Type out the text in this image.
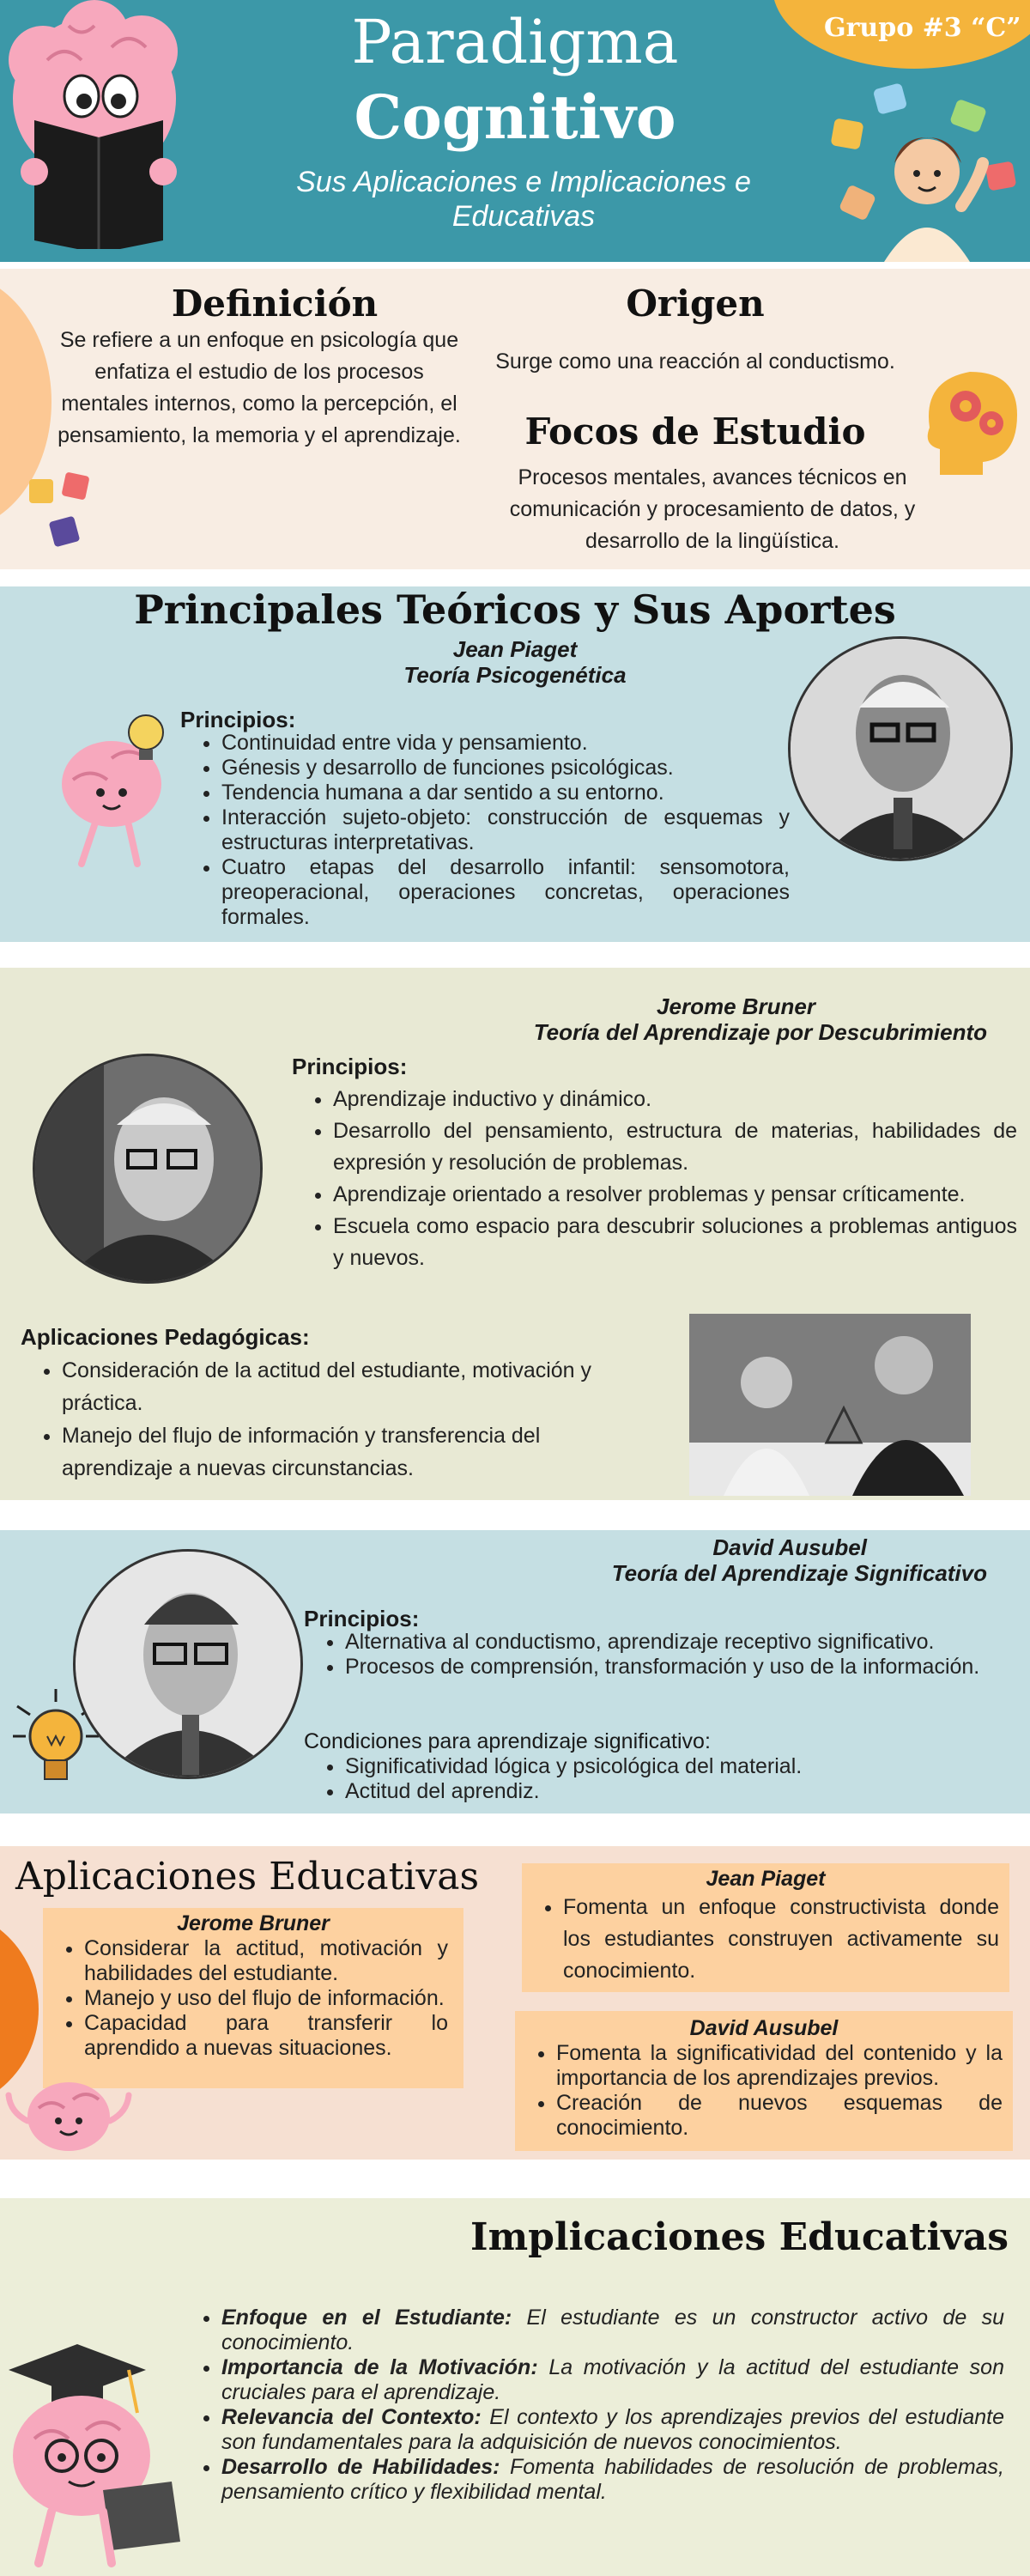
Paradigma
Cognitivo
Sus Aplicaciones e Implicaciones e Educativas
Grupo #3 “C”
Definición
Se refiere a un enfoque en psicología que enfatiza el estudio de los procesos mentales internos, como la percepción, el pensamiento, la memoria y el aprendizaje.
Origen
Surge como una reacción al conductismo.
Focos de Estudio
Procesos mentales, avances técnicos en comunicación y procesamiento de datos, y desarrollo de la lingüística.
Principales Teóricos y Sus Aportes
Jean Piaget
Teoría Psicogenética
Principios:
• Continuidad entre vida y pensamiento.
• Génesis y desarrollo de funciones psicológicas.
• Tendencia humana a dar sentido a su entorno.
• Interacción sujeto-objeto: construcción de esquemas y estructuras interpretativas.
• Cuatro etapas del desarrollo infantil: sensomotora, preoperacional, operaciones concretas, operaciones formales.
Jerome Bruner
Teoría del Aprendizaje por Descubrimiento
Principios:
• Aprendizaje inductivo y dinámico.
• Desarrollo del pensamiento, estructura de materias, habilidades de expresión y resolución de problemas.
• Aprendizaje orientado a resolver problemas y pensar críticamente.
• Escuela como espacio para descubrir soluciones a problemas antiguos y nuevos.
Aplicaciones Pedagógicas:
• Consideración de la actitud del estudiante, motivación y práctica.
• Manejo del flujo de información y transferencia del aprendizaje a nuevas circunstancias.
David Ausubel
Teoría del Aprendizaje Significativo
Principios:
• Alternativa al conductismo, aprendizaje receptivo significativo.
• Procesos de comprensión, transformación y uso de la información.
Condiciones para aprendizaje significativo:
• Significatividad lógica y psicológica del material.
• Actitud del aprendiz.
Aplicaciones Educativas
Jerome Bruner
• Considerar la actitud, motivación y habilidades del estudiante.
• Manejo y uso del flujo de información.
• Capacidad para transferir lo aprendido a nuevas situaciones.
Jean Piaget
• Fomenta un enfoque constructivista donde los estudiantes construyen activamente su conocimiento.
David Ausubel
• Fomenta la significatividad del contenido y la importancia de los aprendizajes previos.
• Creación de nuevos esquemas de conocimiento.
Implicaciones Educativas
• Enfoque en el Estudiante: El estudiante es un constructor activo de su conocimiento.
• Importancia de la Motivación: La motivación y la actitud del estudiante son cruciales para el aprendizaje.
• Relevancia del Contexto: El contexto y los aprendizajes previos del estudiante son fundamentales para la adquisición de nuevos conocimientos.
• Desarrollo de Habilidades: Fomenta habilidades de resolución de problemas, pensamiento crítico y flexibilidad mental.
